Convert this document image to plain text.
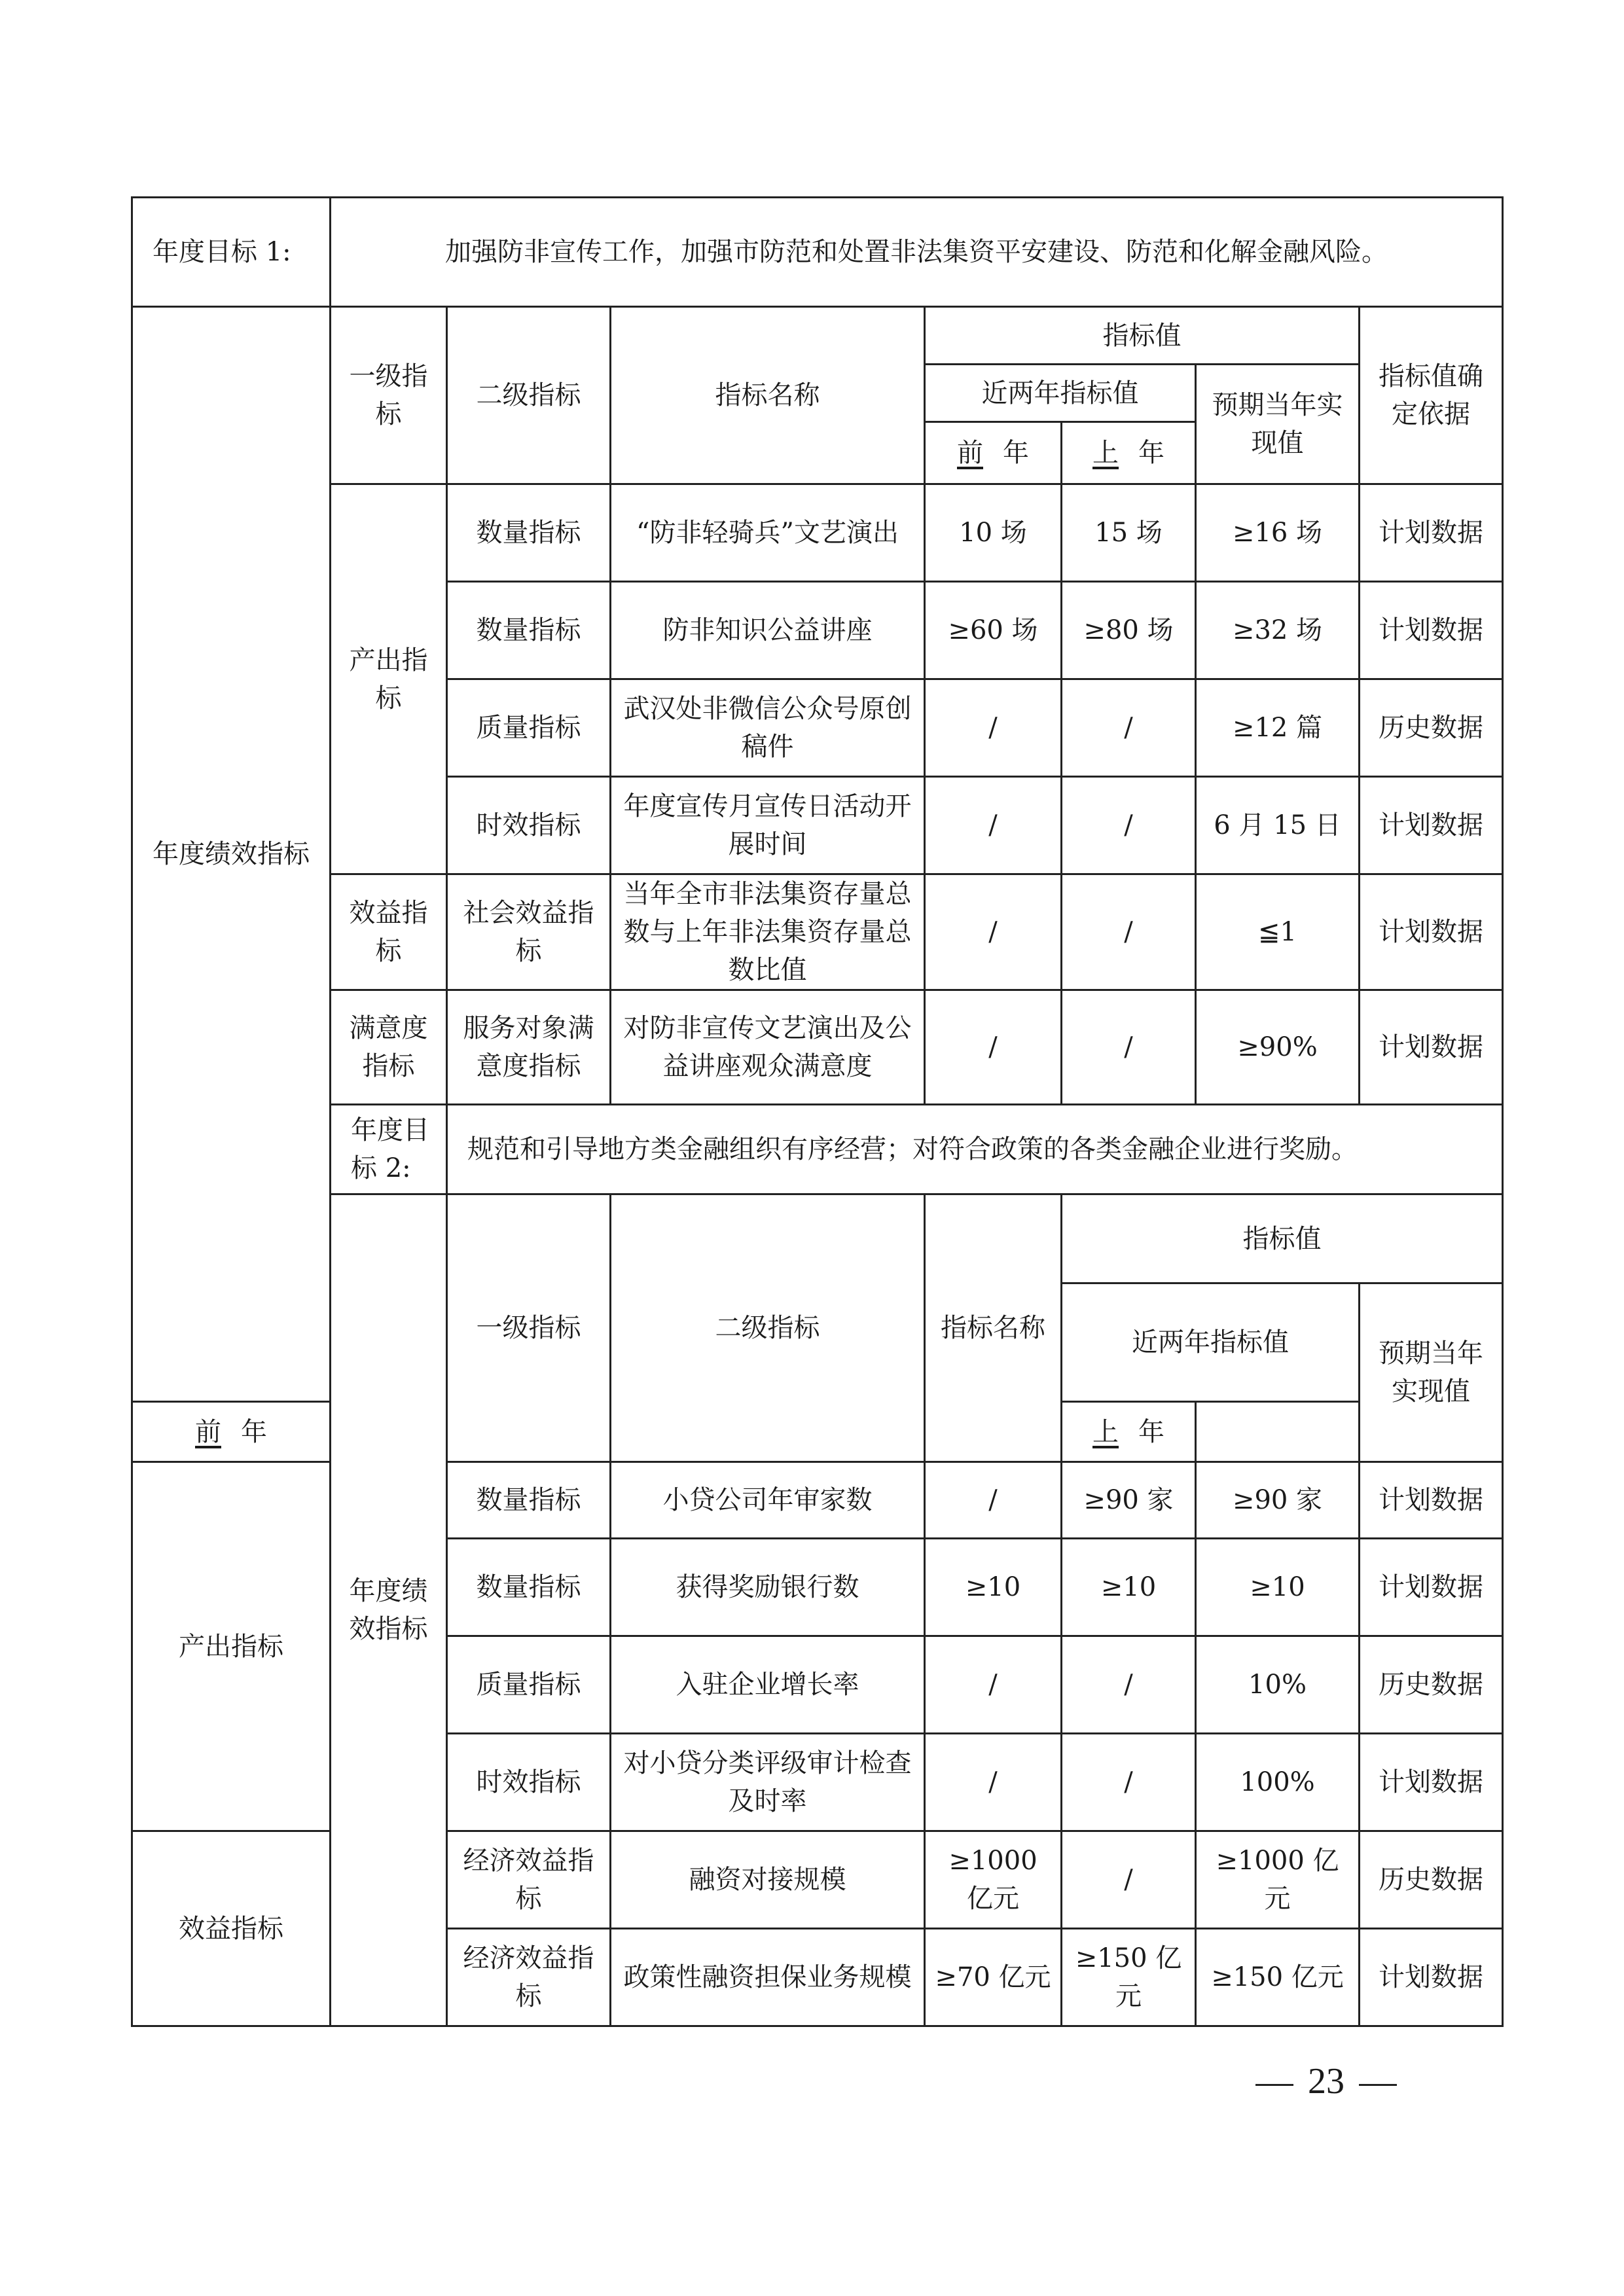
年度目标 1:	加强防非宣传工作，加强市防范和处置非法集资平安建设、防范和化解金融风险。							
年度绩效指标	一级指标	二级指标	指标名称	指标值			指标值确定依据	
				近两年指标值		预期当年实现值		
				前 年	上 年			
	产出指标	数量指标	“防非轻骑兵”文艺演出	10 场	15 场	≥16 场	计划数据	
		数量指标	防非知识公益讲座	≥60 场	≥80 场	≥32 场	计划数据	
		质量指标	武汉处非微信公众号原创稿件	/	/	≥12 篇	历史数据	
		时效指标	年度宣传月宣传日活动开展时间	/	/	6 月 15 日	计划数据	
	效益指标	社会效益指标	当年全市非法集资存量总数与上年非法集资存量总数比值	/	/	≦1	计划数据	
	满意度指标	服务对象满意度指标	对防非宣传文艺演出及公益讲座观众满意度	/	/	≥90%	计划数据	
	年度目标 2:	规范和引导地方类金融组织有序经营；对符合政策的各类金融企业进行奖励。						
	年度绩效指标	一级指标	二级指标	指标名称	指标值	
					近两年指标值		预期当年实现值	
前 年					上 年			
产出指标		数量指标	小贷公司年审家数	/	≥90 家	≥90 家	计划数据	
		数量指标	获得奖励银行数	≥10	≥10	≥10	计划数据	
		质量指标	入驻企业增长率	/	/	10%	历史数据	
		时效指标	对小贷分类评级审计检查及时率	/	/	100%	计划数据	
效益指标		经济效益指标	融资对接规模	≥1000 亿元	/	≥1000 亿元	历史数据	
		经济效益指标	政策性融资担保业务规模	≥70 亿元	≥150 亿元	≥150 亿元	计划数据	
23
